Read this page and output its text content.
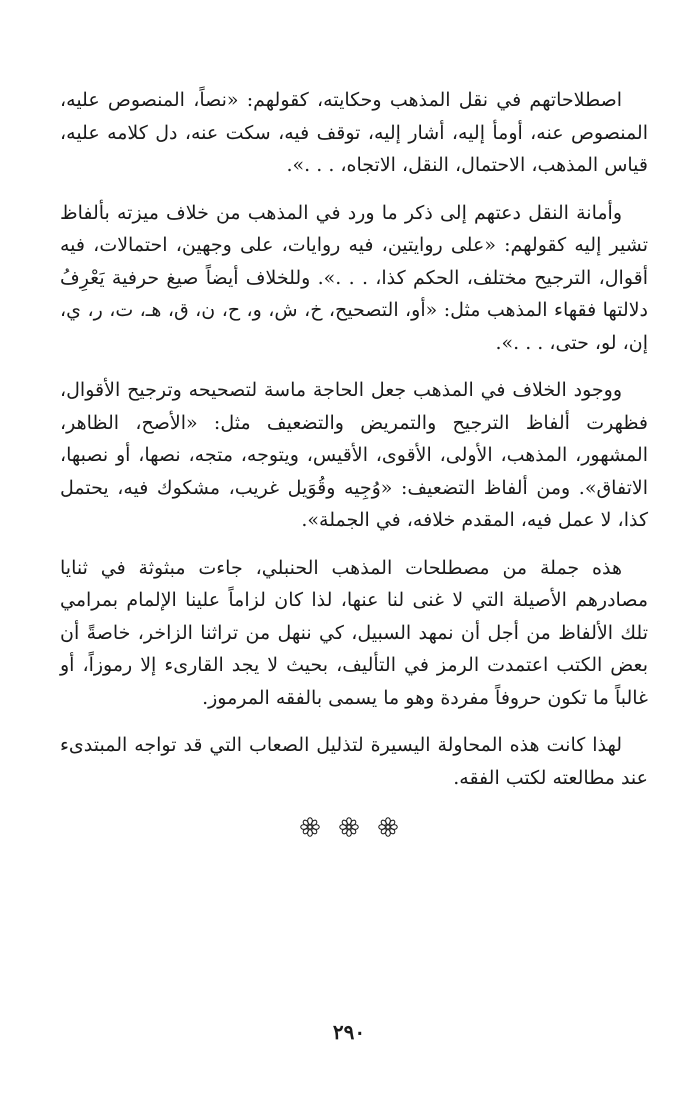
اصطلاحاتهم في نقل المذهب وحكايته، كقولهم: «نصاً، المنصوص عليه، المنصوص عنه، أومأ إليه، أشار إليه، توقف فيه، سكت عنه، دل كلامه عليه، قياس المذهب، الاحتمال، النقل، الاتجاه، . . .».

وأمانة النقل دعتهم إلى ذكر ما ورد في المذهب من خلاف ميزته بألفاظ تشير إليه كقولهم: «على روايتين، فيه روايات، على وجهين، احتمالات، فيه أقوال، الترجيح مختلف، الحكم كذا، . . .». وللخلاف أيضاً صيغ حرفية يَعْرِفُ دلالتها فقهاء المذهب مثل: «أو، التصحيح، خ، ش، و، ح، ن، ق، هـ، ت، ر، ي، إن، لو، حتى، . . .».

ووجود الخلاف في المذهب جعل الحاجة ماسة لتصحيحه وترجيح الأقوال، فظهرت ألفاظ الترجيح والتمريض والتضعيف مثل: «الأصح، الظاهر، المشهور، المذهب، الأولى، الأقوى، الأقيس، ويتوجه، متجه، نصها، أو نصبها، الاتفاق». ومن ألفاظ التضعيف: «وُجِيه وقُوَيل غريب، مشكوك فيه، يحتمل كذا، لا عمل فيه، المقدم خلافه، في الجملة».

هذه جملة من مصطلحات المذهب الحنبلي، جاءت مبثوثة في ثنايا مصادرهم الأصيلة التي لا غنى لنا عنها، لذا كان لزاماً علينا الإلمام بمرامي تلك الألفاظ من أجل أن نمهد السبيل، كي ننهل من تراثنا الزاخر، خاصةً أن بعض الكتب اعتمدت الرمز في التأليف، بحيث لا يجد القارىء إلا رموزاً، أو غالباً ما تكون حروفاً مفردة وهو ما يسمى بالفقه المرموز.

لهذا كانت هذه المحاولة اليسيرة لتذليل الصعاب التي قد تواجه المبتدىء عند مطالعته لكتب الفقه.

٢٩٠
